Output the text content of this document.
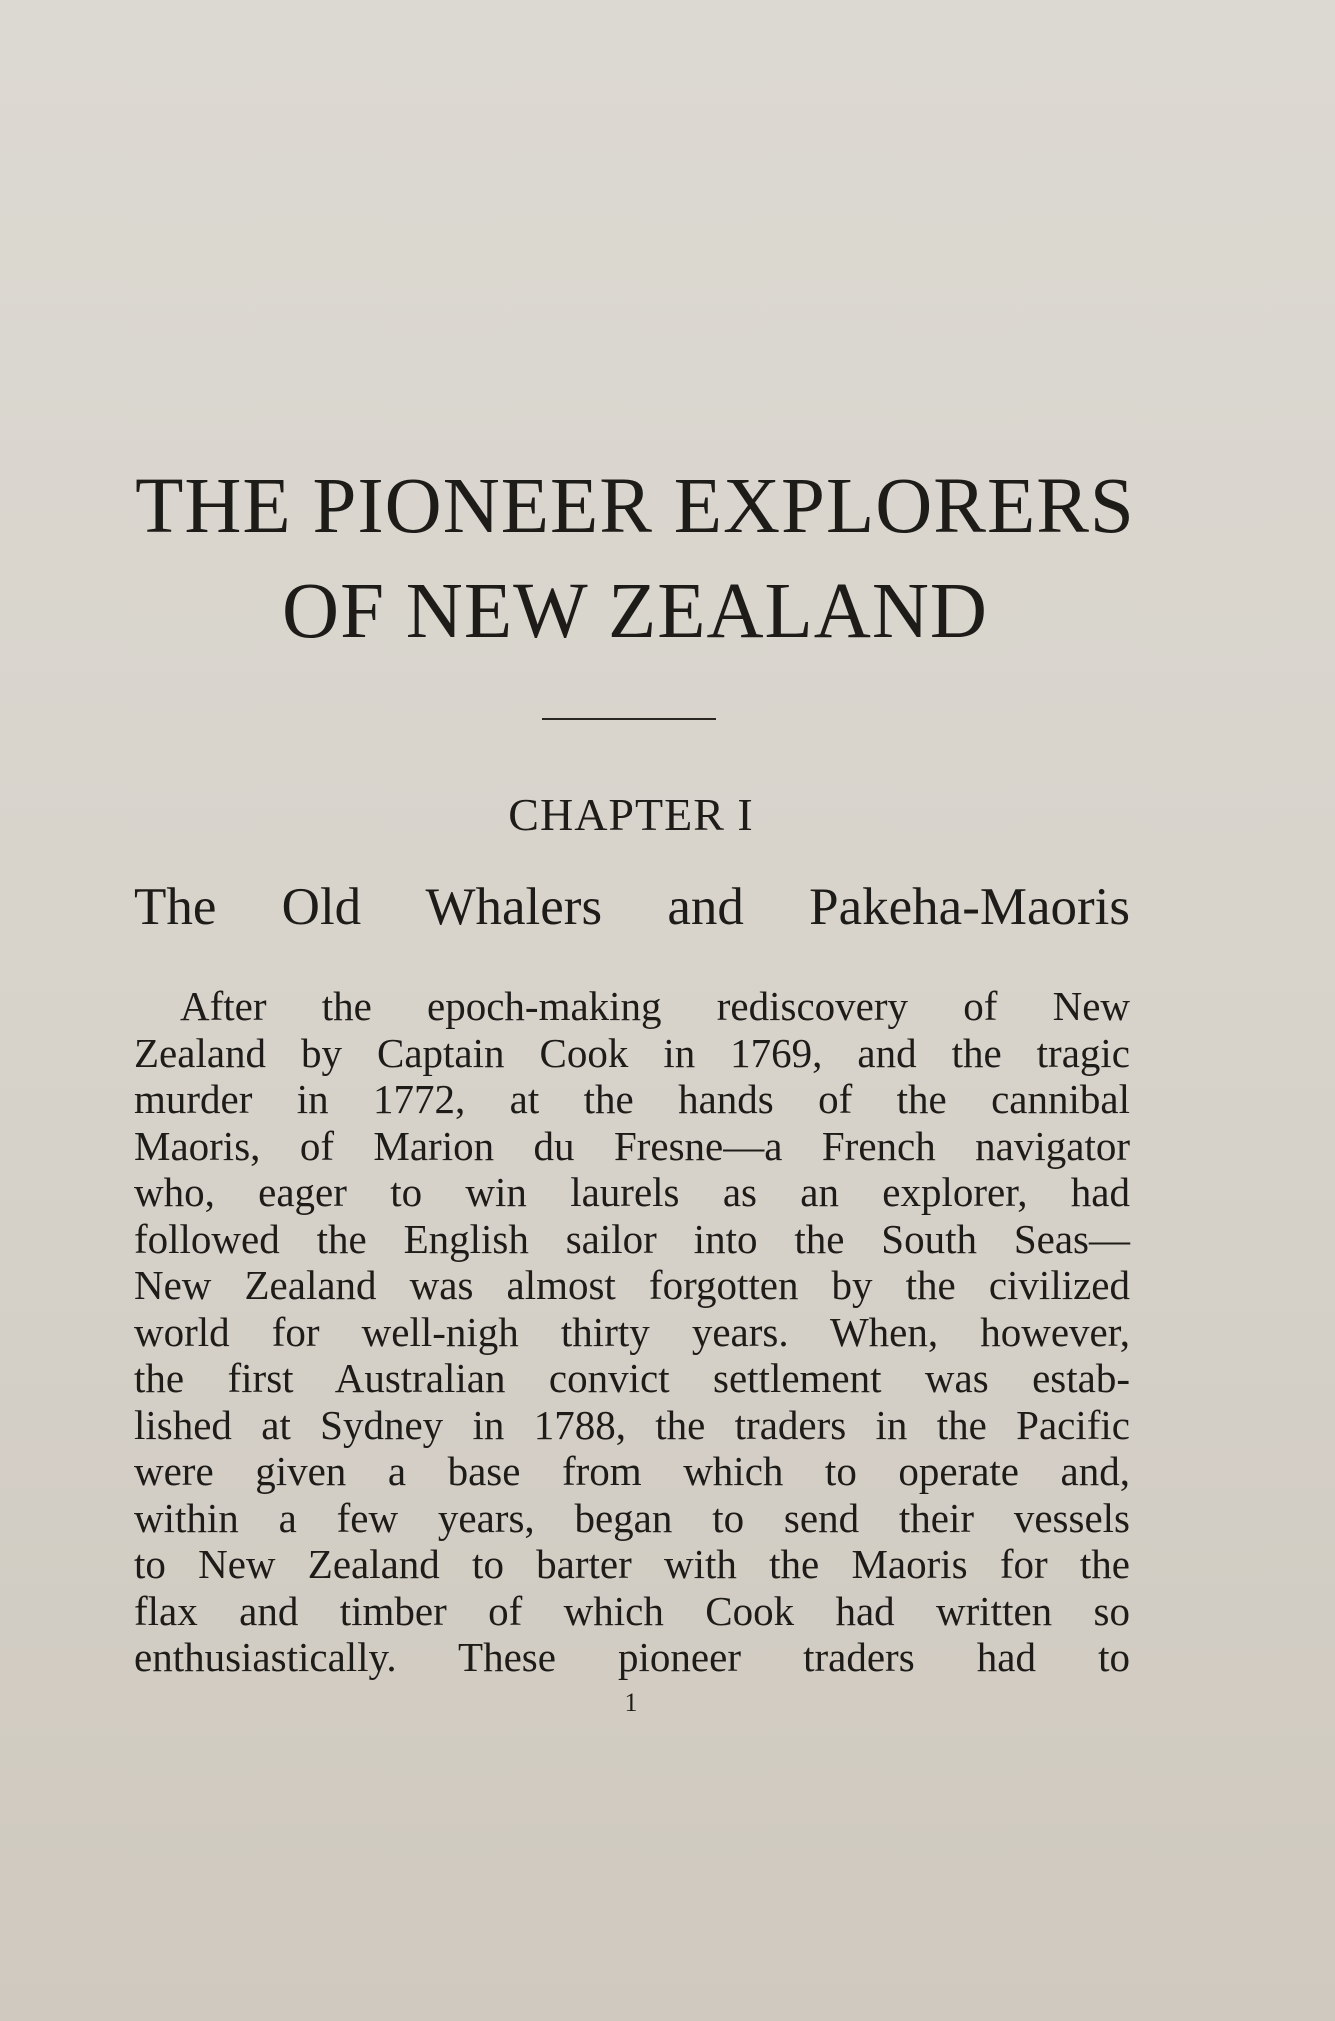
THE PIONEER EXPLORERS
OF NEW ZEALAND
CHAPTER I
The Old Whalers and Pakeha-Maoris
After the epoch-making rediscovery of New
Zealand by Captain Cook in 1769, and the tragic
murder in 1772, at the hands of the cannibal
Maoris, of Marion du Fresne—a French navigator
who, eager to win laurels as an explorer, had
followed the English sailor into the South Seas—
New Zealand was almost forgotten by the civilized
world for well-nigh thirty years. When, however,
the first Australian convict settlement was estab-
lished at Sydney in 1788, the traders in the Pacific
were given a base from which to operate and,
within a few years, began to send their vessels
to New Zealand to barter with the Maoris for the
flax and timber of which Cook had written so
enthusiastically. These pioneer traders had to
1
